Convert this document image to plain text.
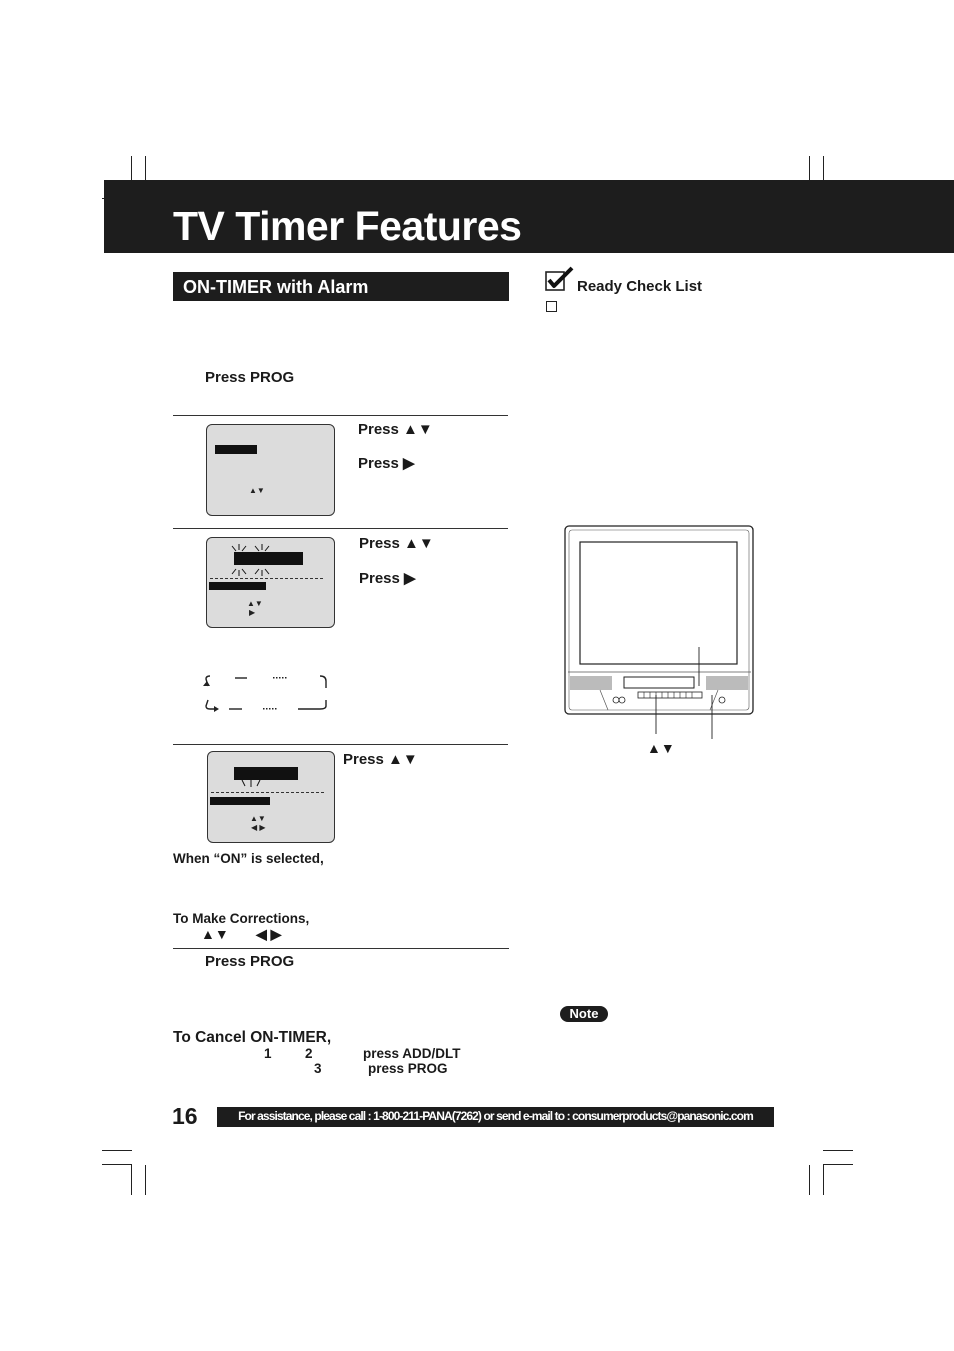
TV Timer Features
ON-TIMER with Alarm
Press PROG
▲▼
Press ▲▼
Press ▶
▲▼
▶
Press ▲▼
Press ▶
▲▼
◀ ▶
Press ▲▼
When “ON” is selected,
To Make Corrections,
▲▼ ◀ ▶
Press PROG
To Cancel ON-TIMER,
1 2	press ADD/DLT
3	press PROG
Ready Check List
▲▼
Note
16	For assistance, please call : 1-800-211-PANA(7262) or send e-mail to : consumerproducts@panasonic.com
